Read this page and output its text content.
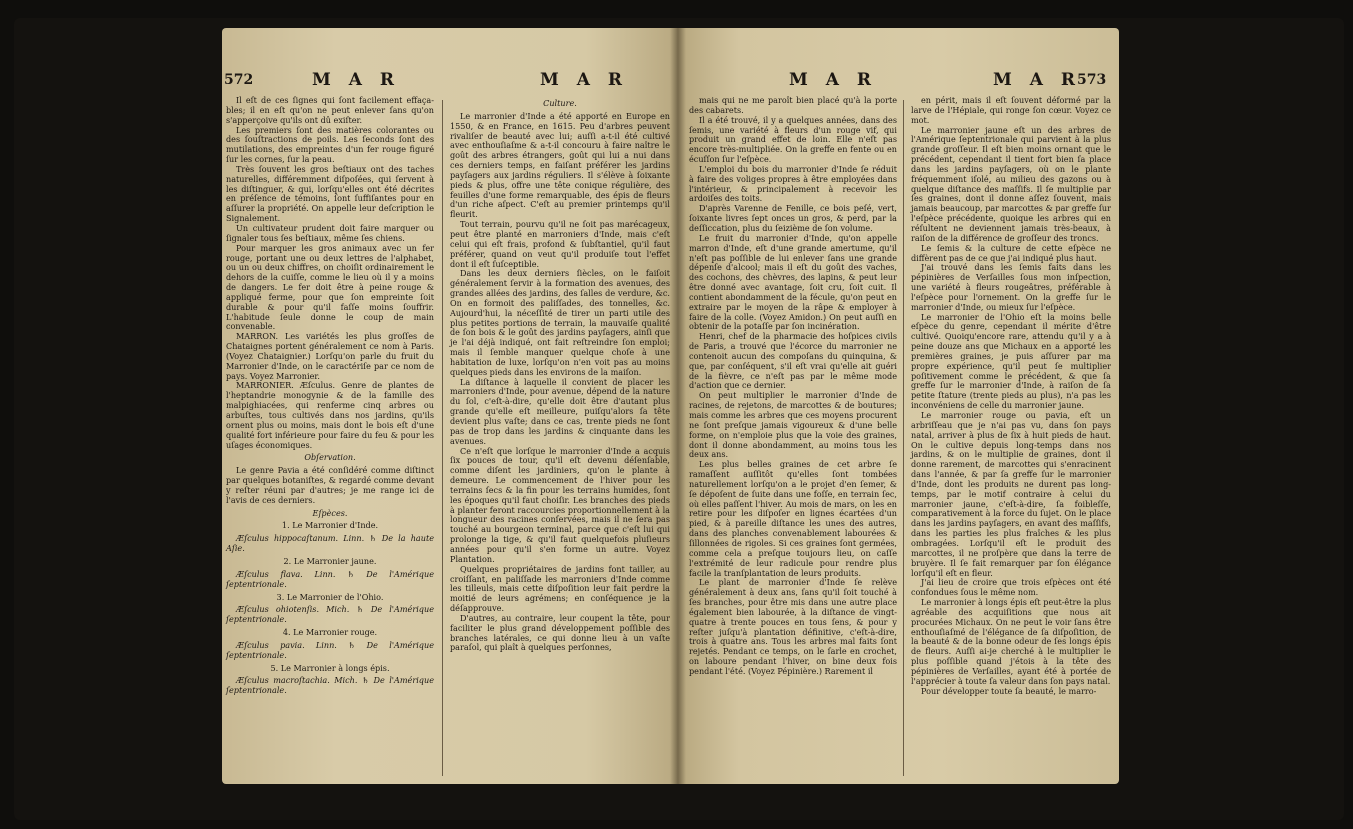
572	M A R	M A R

Il eſt de ces ſignes qui ſont facilement effaça-bles; il en eſt qu'on ne peut enlever ſans qu'on s'apperçoive qu'ils ont dû exiſter.

Les premiers ſont des matières colorantes ou des ſouſtractions de poils. Les ſeconds ſont des mutilations, des empreintes d'un fer rouge figuré ſur les cornes, ſur la peau.

Très ſouvent les gros beſtiaux ont des taches naturelles, différemment diſpoſées, qui ſervent à les diſtinguer, & qui, lorſqu'elles ont été décrites en préſence de témoins, ſont ſuffiſantes pour en aſſurer la propriété. On appelle leur deſcription le Signalement.

Un cultivateur prudent doit faire marquer ou ſignaler tous ſes beſtiaux, même ſes chiens.

Pour marquer les gros animaux avec un fer rouge, portant une ou deux lettres de l'alphabet, ou un ou deux chiffres, on choiſit ordinairement le dehors de la cuiſſe, comme le lieu où il y a moins de dangers. Le fer doit être à peine rouge & appliqué ferme, pour que ſon empreinte ſoit durable & pour qu'il faſſe moins ſouffrir. L'habitude ſeule donne le coup de main convenable.

MARRON. Les variétés les plus groſſes de Chataignes portent généralement ce nom à Paris. (Voyez Chataignier.) Lorſqu'on parle du fruit du Marronier d'Inde, on le caractériſe par ce nom de pays. Voyez Marronier.

MARRONIER. Æſculus. Genre de plantes de l'heptandrie monogynie & de la famille des malpighiacées, qui renferme cinq arbres ou arbuſtes, tous cultivés dans nos jardins, qu'ils ornent plus ou moins, mais dont le bois eſt d'une qualité fort inférieure pour faire du feu & pour les uſages économiques.

Obſervation.

Le genre Pavia a été conſidéré comme diſtinct par quelques botaniſtes, & regardé comme devant y reſter réuni par d'autres; je me range ici de l'avis de ces derniers.

Eſpèces.

1. Le Marronier d'Inde.

Æſculus hippocaſtanum. Linn. ♄ De la haute Aſie.

2. Le Marronier jaune.

Æſculus flava. Linn. ♄ De l'Amérique ſeptentrionale.

3. Le Marronier de l'Ohio.

Æſculus ohiotenſis. Mich. ♄ De l'Amérique ſeptentrionale.

4. Le Marronier rouge.

Æſculus pavia. Linn. ♄ De l'Amérique ſeptentrionale.

5. Le Marronier à longs épis.

Æſculus macroſtachia. Mich. ♄ De l'Amérique ſeptentrionale.

Culture.

Le marronier d'Inde a été apporté en Europe en 1550, & en France, en 1615. Peu d'arbres peuvent rivaliſer de beauté avec lui; auſſi a-t-il été cultivé avec enthouſiaſme & a-t-il concouru à faire naître le goût des arbres étrangers, goût qui lui a nui dans ces derniers temps, en faiſant préférer les jardins payſagers aux jardins réguliers. Il s'élève à ſoixante pieds & plus, offre une tête conique régulière, des feuilles d'une forme remarquable, des épis de fleurs d'un riche aſpect. C'eſt au premier printemps qu'il fleurit.

Tout terrain, pourvu qu'il ne ſoit pas marécageux, peut être planté en marroniers d'Inde, mais c'eſt celui qui eſt frais, profond & ſubſtantiel, qu'il faut préférer, quand on veut qu'il produiſe tout l'effet dont il eſt ſuſceptible.

Dans les deux derniers ſiècles, on le faiſoit généralement ſervir à la formation des avenues, des grandes allées des jardins, des ſalles de verdure, &c. On en formoit des paliſſades, des tonnelles, &c. Aujourd'hui, la néceſſité de tirer un parti utile des plus petites portions de terrain, la mauvaiſe qualité de ſon bois & le goût des jardins payſagers, ainſi que je l'ai déjà indiqué, ont fait reſtreindre ſon emploi; mais il ſemble manquer quelque choſe à une habitation de luxe, lorſqu'on n'en voit pas au moins quelques pieds dans les environs de la maiſon.

La diſtance à laquelle il convient de placer les marroniers d'Inde, pour avenue, dépend de la nature du ſol, c'eſt-à-dire, qu'elle doit être d'autant plus grande qu'elle eſt meilleure, puiſqu'alors ſa tête devient plus vaſte; dans ce cas, trente pieds ne ſont pas de trop dans les jardins & cinquante dans les avenues.

Ce n'eſt que lorſque le marronier d'Inde a acquis ſix pouces de tour, qu'il eſt devenu déſenſable, comme diſent les jardiniers, qu'on le plante à demeure. Le commencement de l'hiver pour les terrains ſecs & la fin pour les terrains humides, ſont les époques qu'il faut choiſir. Les branches des pieds à planter feront raccourcies proportionnellement à la longueur des racines conſervées, mais il ne ſera pas touché au bourgeon terminal, parce que c'eſt lui qui prolonge la tige, & qu'il faut quelquefois pluſieurs années pour qu'il s'en forme un autre. Voyez Plantation.

Quelques propriétaires de jardins font tailler, au croiſſant, en paliſſade les marroniers d'Inde comme les tilleuls, mais cette diſpoſition leur fait perdre la moitié de leurs agrémens; en conſéquence je la déſapprouve.

D'autres, au contraire, leur coupent la tête, pour faciliter le plus grand développement poſſible des branches latérales, ce qui donne lieu à un vaſte paraſol, qui plaît à quelques perſonnes,

M A R	M A R
573

mais qui ne me paroît bien placé qu'à la porte des cabarets.

Il a été trouvé, il y a quelques années, dans des ſemis, une variété à fleurs d'un rouge vif, qui produit un grand effet de loin. Elle n'eſt pas encore très-multipliée. On la greffe en fente ou en écuſſon ſur l'eſpèce.

L'emploi du bois du marronier d'Inde ſe réduit à faire des voliges propres à être employées dans l'intérieur, & principalement à recevoir les ardoiſes des toits.

D'après Varenne de Fenille, ce bois peſé, vert, ſoixante livres ſept onces un gros, & perd, par la deſſiccation, plus du ſeizième de ſon volume.

Le fruit du marronier d'Inde, qu'on appelle marron d'Inde, eſt d'une grande amertume, qu'il n'eſt pas poſſible de lui enlever ſans une grande dépenſe d'alcool; mais il eſt du goût des vaches, des cochons, des chèvres, des lapins, & peut leur être donné avec avantage, ſoit cru, ſoit cuit. Il contient abondamment de la fécule, qu'on peut en extraire par le moyen de la râpe & employer à faire de la colle. (Voyez Amidon.) On peut auſſi en obtenir de la potaſſe par ſon incinération.

Henri, chef de la pharmacie des hoſpices civils de Paris, a trouvé que l'écorce du marronier ne contenoit aucun des compoſans du quinquina, & que, par conſéquent, s'il eſt vrai qu'elle ait guéri de la fièvre, ce n'eſt pas par le même mode d'action que ce dernier.

On peut multiplier le marronier d'Inde de racines, de rejetons, de marcottes & de boutures; mais comme les arbres que ces moyens procurent ne ſont preſque jamais vigoureux & d'une belle forme, on n'emploie plus que la voie des graines, dont il donne abondamment, au moins tous les deux ans.

Les plus belles graines de cet arbre ſe ramaſſent auſſitôt qu'elles ſont tombées naturellement lorſqu'on a le projet d'en ſemer, & ſe dépoſent de ſuite dans une foſſe, en terrain ſec, où elles paſſent l'hiver. Au mois de mars, on les en retire pour les diſpoſer en lignes écartées d'un pied, & à pareille diſtance les unes des autres, dans des planches convenablement labourées & ſillonnées de rigoles. Si ces graines ſont germées, comme cela a preſque toujours lieu, on caſſe l'extrémité de leur radicule pour rendre plus facile la tranſplantation de leurs produits.

Le plant de marronier d'Inde ſe relève généralement à deux ans, ſans qu'il ſoit touché à ſes branches, pour être mis dans une autre place également bien labourée, à la diſtance de vingt-quatre à trente pouces en tous ſens, & pour y reſter juſqu'à plantation définitive, c'eſt-à-dire, trois à quatre ans. Tous les arbres mal faits ſont rejetés. Pendant ce temps, on le ſarle en crochet, on laboure pendant l'hiver, on bine deux fois pendant l'été. (Voyez Pépinière.) Rarement il

en périt, mais il eſt ſouvent déformé par la larve de l'Hépiale, qui ronge ſon cœur. Voyez ce mot.

Le marronier jaune eſt un des arbres de l'Amérique ſeptentrionale qui parvient à la plus grande groſſeur. Il eſt bien moins ornant que le précédent, cependant il tient fort bien ſa place dans les jardins payſagers, où on le plante fréquemment iſolé, au milieu des gazons ou à quelque diſtance des maſſifs. Il ſe multiplie par ſes graines, dont il donne aſſez ſouvent, mais jamais beaucoup, par marcottes & par greffe ſur l'eſpèce précédente, quoique les arbres qui en réſultent ne deviennent jamais très-beaux, à raiſon de la différence de groſſeur des troncs.

Le ſemis & la culture de cette eſpèce ne diffèrent pas de ce que j'ai indiqué plus haut.

J'ai trouvé dans les ſemis faits dans les pépinières de Verſailles ſous mon inſpection, une variété à fleurs rougeâtres, préférable à l'eſpèce pour l'ornement. On la greffe ſur le marronier d'Inde, ou mieux ſur l'eſpèce.

Le marronier de l'Ohio eſt la moins belle eſpèce du genre, cependant il mérite d'être cultivé. Quoiqu'encore rare, attendu qu'il y a à peine douze ans que Michaux en a apporté les premières graines, je puis aſſurer par ma propre expérience, qu'il peut ſe multiplier poſitivement comme le précédent, & que ſa greffe ſur le marronier d'Inde, à raiſon de ſa petite ſtature (trente pieds au plus), n'a pas les inconvéniens de celle du marronier jaune.

Le marronier rouge ou pavia, eſt un arbriſſeau que je n'ai pas vu, dans ſon pays natal, arriver à plus de ſix à huit pieds de haut. On le cultive depuis long-temps dans nos jardins, & on le multiplie de graines, dont il donne rarement, de marcottes qui s'enracinent dans l'année, & par ſa greffe ſur le marronier d'Inde, dont les produits ne durent pas long-temps, par le motif contraire à celui du marronier jaune, c'eſt-à-dire, ſa foibleſſe, comparativement à la force du ſujet. On le place dans les jardins payſagers, en avant des maſſifs, dans les parties les plus fraîches & les plus ombragées. Lorſqu'il eſt le produit des marcottes, il ne proſpère que dans la terre de bruyère. Il ſe fait remarquer par ſon élégance lorſqu'il eſt en fleur.

J'ai lieu de croire que trois eſpèces ont été confondues ſous le même nom.

Le marronier à longs épis eſt peut-être la plus agréable des acquiſitions que nous ait procurées Michaux. On ne peut le voir ſans être enthouſiaſmé de l'élégance de ſa diſpoſition, de la beauté & de la bonne odeur de ſes longs épis de fleurs. Auſſi ai-je cherché à le multiplier le plus poſſible quand j'étois à la tête des pépinières de Verſailles, ayant été à portée de l'apprécier à toute ſa valeur dans ſon pays natal.

Pour développer toute ſa beauté, le marro-
